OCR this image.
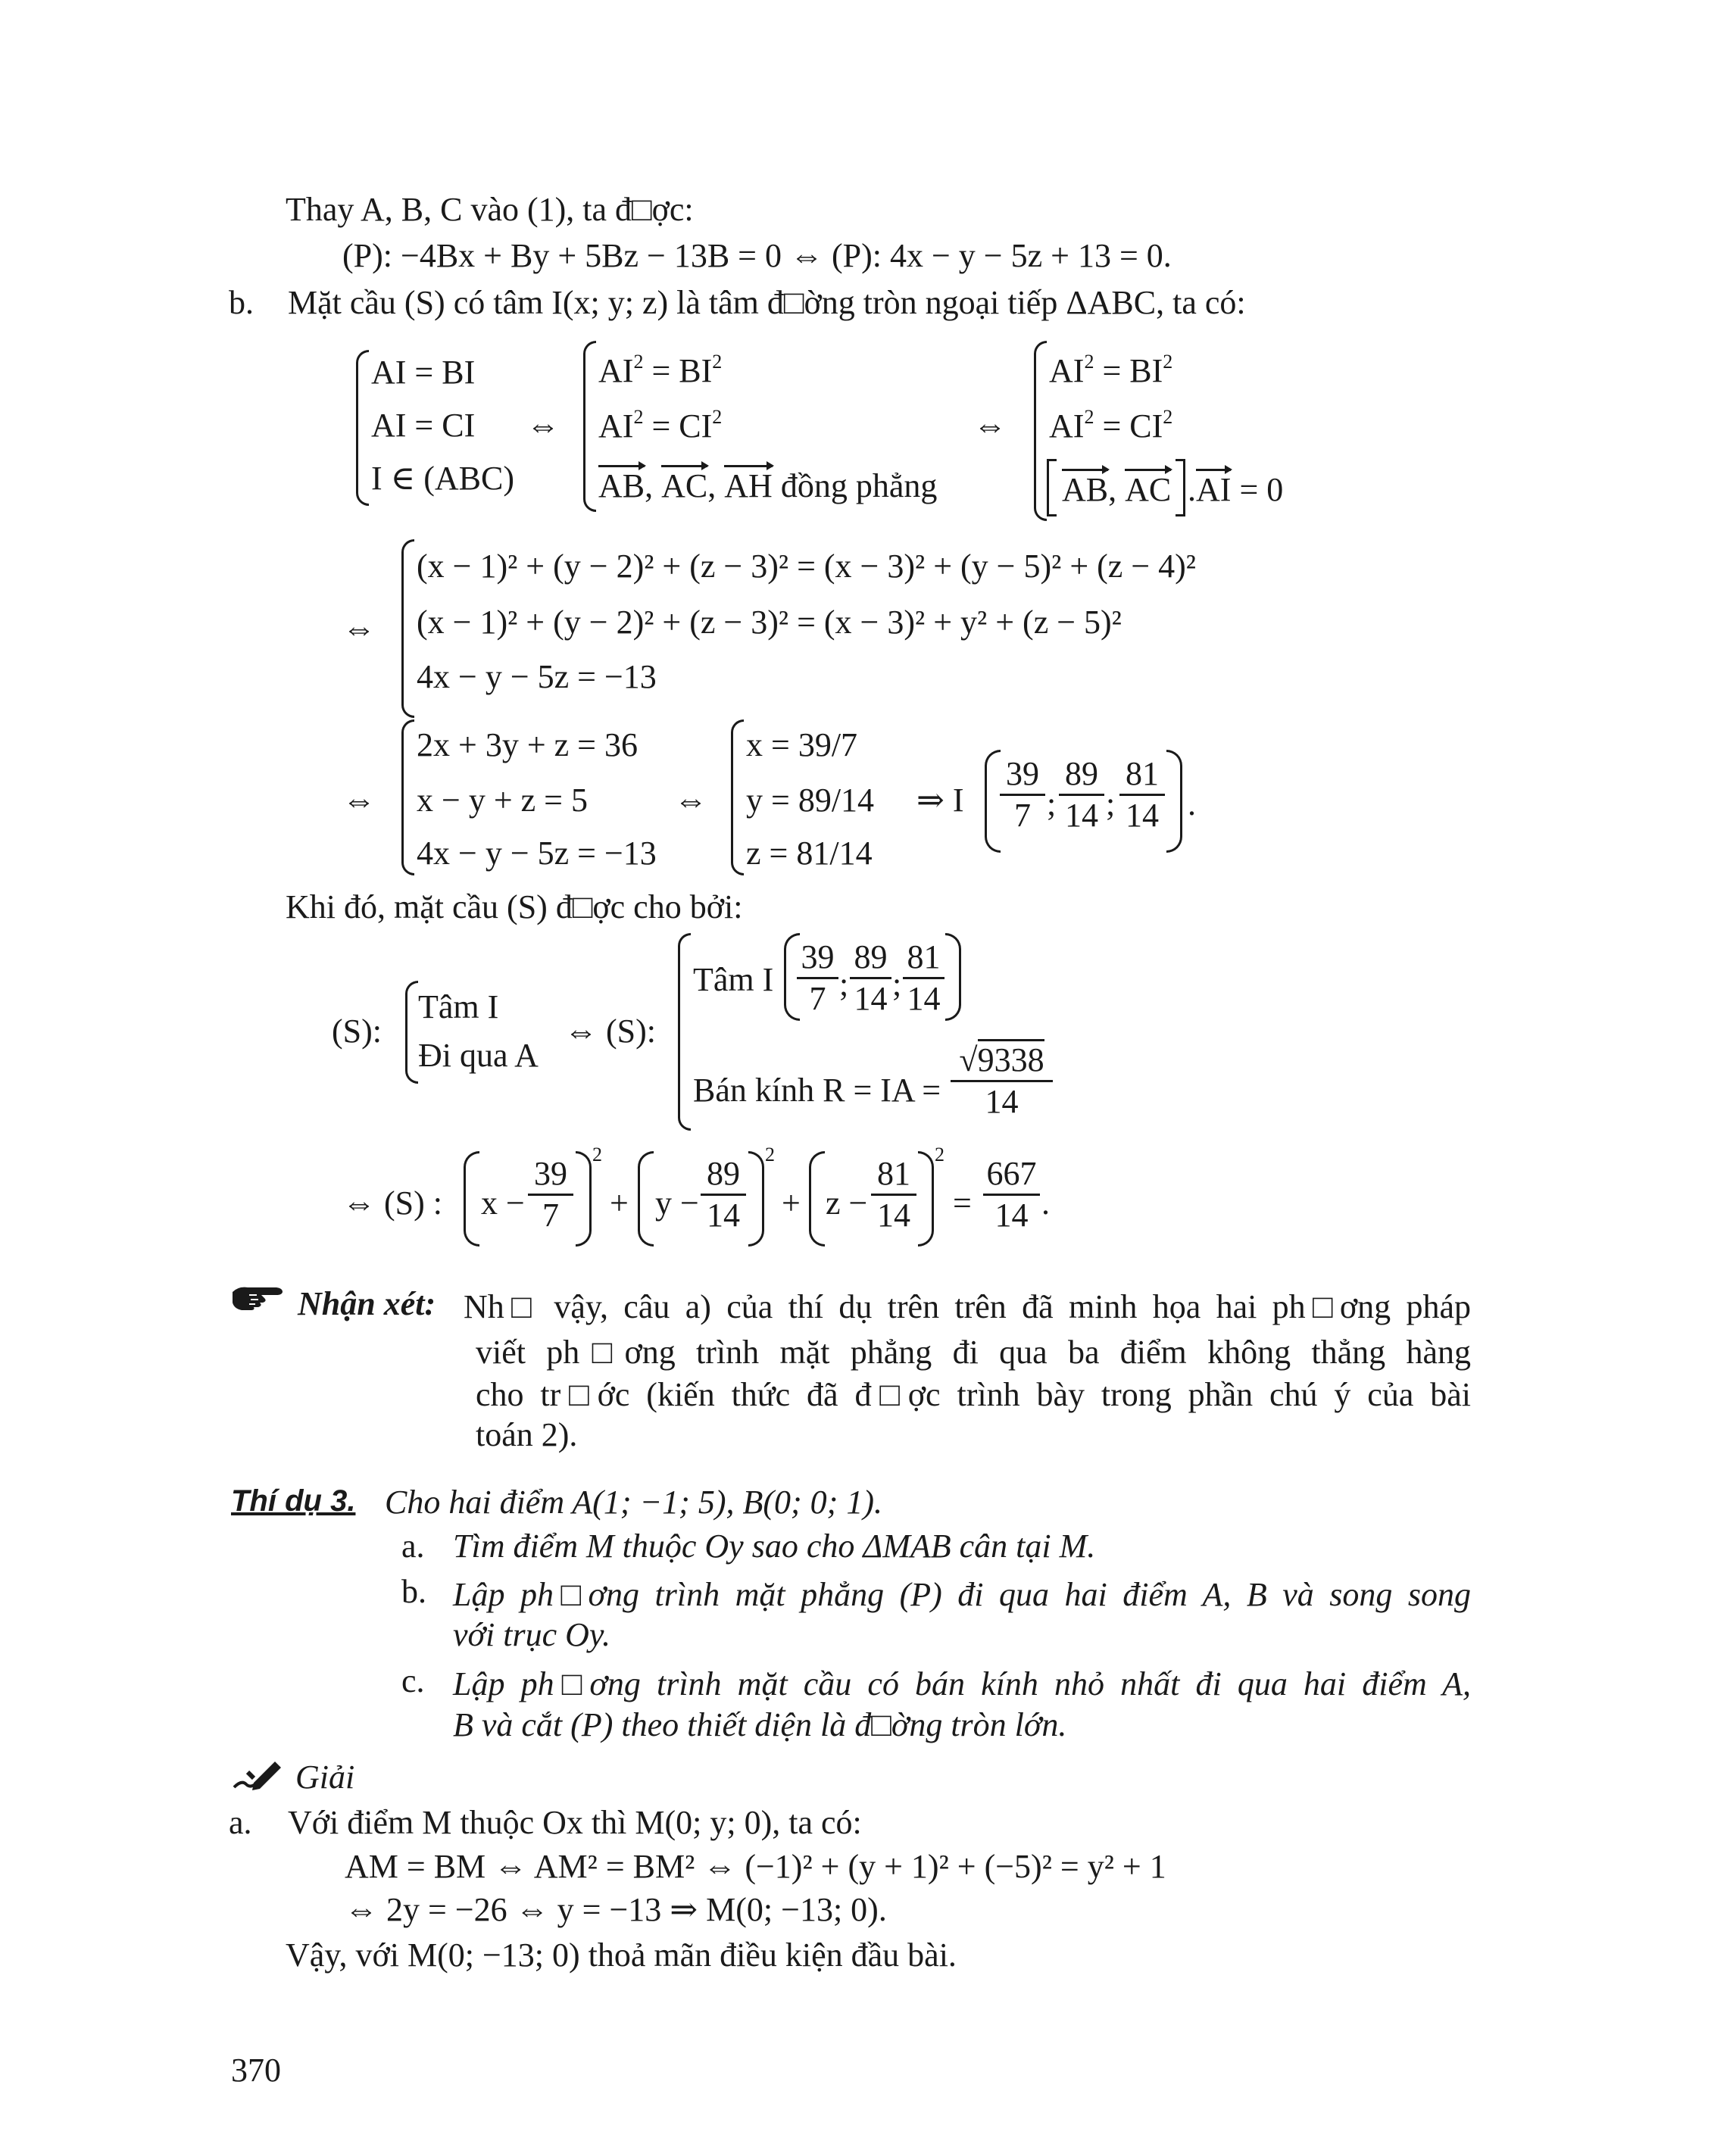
Thay A, B, C vào (1), ta đ□ợc:
(P): −4Bx + By + 5Bz − 13B = 0 ⇔ (P): 4x − y − 5z + 13 = 0.
b. Mặt cầu (S) có tâm I(x; y; z) là tâm đ□ờng tròn ngoại tiếp ΔABC, ta có:
AI = BI
AI = CI
I ∈ (ABC)
⇔
$AI^2 = BI^2$
$AI^2 = CI^2$
AB, AC, AH đồng phẳng
⇔
$AI^2 = BI^2$
$AI^2 = CI^2$
AB, AC .AI = 0
⇔
(x − 1)² + (y − 2)² + (z − 3)² = (x − 3)² + (y − 5)² + (z − 4)²
(x − 1)² + (y − 2)² + (z − 3)² = (x − 3)² + y² + (z − 5)²
4x − y − 5z = −13
⇔
2x + 3y + z = 36
x − y + z = 5
4x − y − 5z = −13
⇔
x = 39/7
y = 89/14
z = 81/14
⇒ I
39
7 ;
89
14 ;
81
14 .
Khi đó, mặt cầu (S) đ□ợc cho bởi:
(S):
Tâm I
Đi qua A
⇔ (S):
Tâm I
39
7 ;
89
14 ;
81
14
Bán kính R = IA =
√9338
14
⇔ (S) : x −
39
7
2
+ y −
89
14
2
+ z −
81
14
2
=
667
14 .
Nhận xét: Nh□ vậy, câu a) của thí dụ trên trên đã minh họa hai ph□ơng pháp
viết ph□ơng trình mặt phẳng đi qua ba điểm không thẳng hàng
cho tr□ớc (kiến thức đã đ□ợc trình bày trong phần chú ý của bài
toán 2).
Thí dụ 3. Cho hai điểm A(1; −1; 5), B(0; 0; 1).
a. Tìm điểm M thuộc Oy sao cho ΔMAB cân tại M.
b. Lập ph□ơng trình mặt phẳng (P) đi qua hai điểm A, B và song song
với trục Oy.
c. Lập ph□ơng trình mặt cầu có bán kính nhỏ nhất đi qua hai điểm A,
B và cắt (P) theo thiết diện là đ□ờng tròn lớn.
Giải
a. Với điểm M thuộc Ox thì M(0; y; 0), ta có:
AM = BM ⇔ AM² = BM² ⇔ (−1)² + (y + 1)² + (−5)² = y² + 1
⇔ 2y = −26 ⇔ y = −13 ⇒ M(0; −13; 0).
Vậy, với M(0; −13; 0) thoả mãn điều kiện đầu bài.
370
